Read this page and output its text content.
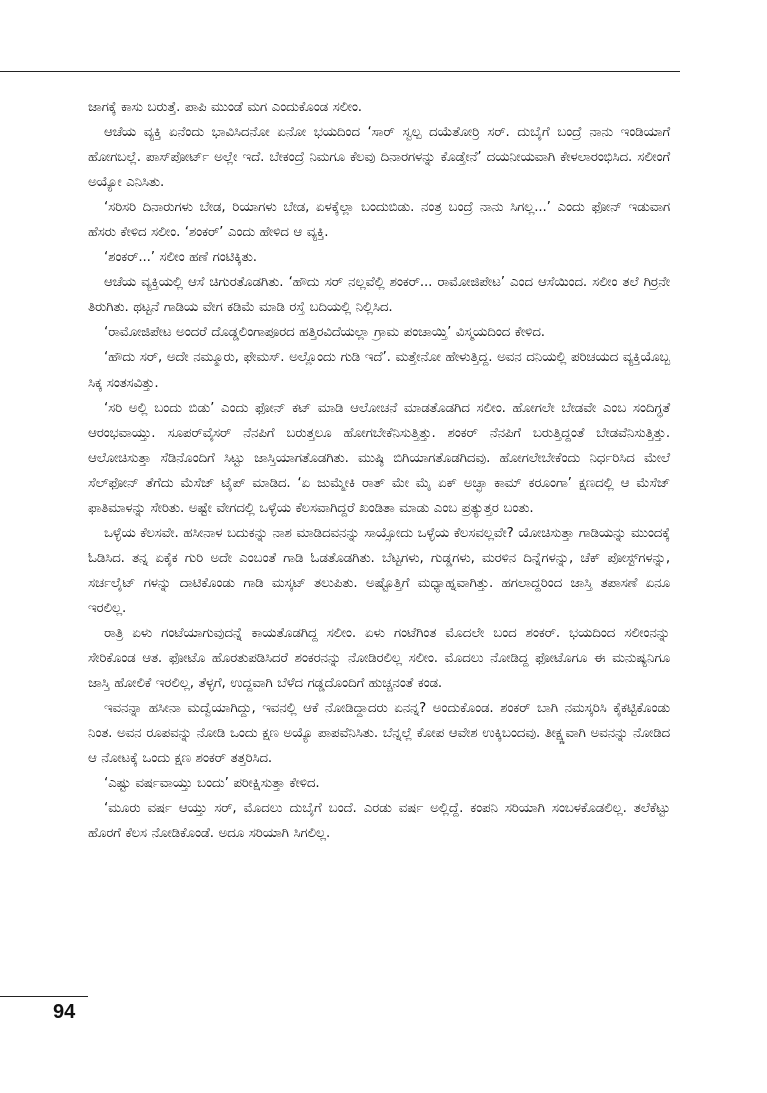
ಜಾಗಕ್ಕೆ ಕಾಸು ಬರುತ್ತೆ. ಪಾಪಿ ಮುಂಡೆ ಮಗ ಎಂದುಕೊಂಡ ಸಲೀಂ.

ಆಚೆಯ ವ್ಯಕ್ತಿ ಏನೆಂದು ಭಾವಿಸಿದನೋ ಏನೋ ಭಯದಿಂದ ‘ಸಾರ್ ಸ್ವಲ್ಪ ದಯೆತೋರ್ರಿ ಸರ್. ದುಬೈಗೆ ಬಂದ್ರೆ ನಾನು ಇಂಡಿಯಾಗೆ ಹೋಗಬಲ್ಲೆ. ಪಾಸ್‌ಪೋರ್ಟ್ ಅಲ್ಲೇ ಇದೆ. ಬೇಕಂದ್ರೆ ನಿಮಗೂ ಕೆಲವು ದಿನಾರಗಳನ್ನು ಕೊಡ್ತೇನೆ’ ದಯನೀಯವಾಗಿ ಕೇಳಲಾರಂಭಿಸಿದ. ಸಲೀಂಗೆ ಅಯ್ಯೋ ಎನಿಸಿತು.

‘ಸರಿಸರಿ ದಿನಾರುಗಳು ಬೇಡ, ರಿಯಾಗಳು ಬೇಡ, ಏಳಕ್ಕೆಲ್ಲಾ ಬಂದುಬಿಡು. ನಂತ್ರ ಬಂದ್ರೆ ನಾನು ಸಿಗಲ್ಲ...’ ಎಂದು ಫೋನ್ ಇಡುವಾಗ ಹೆಸರು ಕೇಳಿದ ಸಲೀಂ. ‘ಶಂಕರ್’ ಎಂದು ಹೇಳಿದ ಆ ವ್ಯಕ್ತಿ.

‘ಶಂಕರ್...’ ಸಲೀಂ ಹಣೆ ಗಂಟಿಕ್ಕಿತು.

ಆಚೆಯ ವ್ಯಕ್ತಿಯಲ್ಲಿ ಆಸೆ ಚಿಗುರತೊಡಗಿತು. ‘ಹೌದು ಸರ್ ನಲ್ಲವೆಲ್ಲಿ ಶಂಕರ್... ರಾಮೋಜಿಪೇಟ’ ಎಂದ ಆಸೆಯಿಂದ. ಸಲೀಂ ತಲೆ ಗಿರ್ರನೇ ತಿರುಗಿತು. ಥಟ್ಟನೆ ಗಾಡಿಯ ವೇಗ ಕಡಿಮೆ ಮಾಡಿ ರಸ್ತೆ ಬದಿಯಲ್ಲಿ ನಿಲ್ಲಿಸಿದ.

‘ರಾಮೋಜಿಪೇಟ ಅಂದರೆ ದೊಡ್ಡಲಿಂಗಾಪೂರದ ಹತ್ತಿರವಿದೆಯಲ್ಲಾ ಗ್ರಾಮ ಪಂಚಾಯ್ತಿ’ ವಿಸ್ಮಯದಿಂದ ಕೇಳಿದ.

‘ಹೌದು ಸರ್, ಅದೇ ನಮ್ಮೂರು, ಫೇಮಸ್. ಅಲ್ಲೊಂದು ಗುಡಿ ಇದೆ’. ಮತ್ತೇನೋ ಹೇಳುತ್ತಿದ್ದ. ಅವನ ದನಿಯಲ್ಲಿ ಪರಿಚಯದ ವ್ಯಕ್ತಿಯೊಬ್ಬ ಸಿಕ್ಕ ಸಂತಸವಿತ್ತು.

‘ಸರಿ ಅಲ್ಲಿ ಬಂದು ಬಿಡು’ ಎಂದು ಫೋನ್ ಕಟ್ ಮಾಡಿ ಆಲೋಚನೆ ಮಾಡತೊಡಗಿದ ಸಲೀಂ. ಹೋಗಲೇ ಬೇಡವೇ ಎಂಬ ಸಂದಿಗ್ಧತೆ ಆರಂಭವಾಯ್ತು. ಸೂಪರ್‌ವೈಸರ್ ನೆನಪಿಗೆ ಬರುತ್ತಲೂ ಹೋಗಬೇಕೆನಿಸುತ್ತಿತ್ತು. ಶಂಕರ್ ನೆನಪಿಗೆ ಬರುತ್ತಿದ್ದಂತೆ ಬೇಡವೆನಿಸುತ್ತಿತ್ತು. ಆಲೋಚಿಸುತ್ತಾ ಸೆಡಿನೊಂದಿಗೆ ಸಿಟ್ಟು ಜಾಸ್ತಿಯಾಗತೊಡಗಿತು. ಮುಷ್ಠಿ ಬಿಗಿಯಾಗತೊಡಗಿದವು. ಹೋಗಲೇಬೇಕೆಂದು ನಿರ್ಧರಿಸಿದ ಮೇಲೆ ಸೆಲ್‌ಫೋನ್ ತೆಗೆದು ಮೆಸೆಜ್ ಟೈಪ್ ಮಾಡಿದ. ‘ಏ ಜುಮ್ಮೇಕಿ ರಾತ್ ಮೇ ಮೈ ಏಕ್ ಅಚ್ಛಾ ಕಾಮ್ ಕರೂಂಗಾ’ ಕ್ಷಣದಲ್ಲಿ ಆ ಮೆಸೆಜ್ ಫಾತಿಮಾಳನ್ನು ಸೇರಿತು. ಅಷ್ಟೇ ವೇಗದಲ್ಲಿ ಒಳ್ಳೆಯ ಕೆಲಸವಾಗಿದ್ದರೆ ಖಂಡಿತಾ ಮಾಡು ಎಂಬ ಪ್ರತ್ಯುತ್ತರ ಬಂತು.

ಒಳ್ಳೆಯ ಕೆಲಸವೇ. ಹಸೀನಾಳ ಬದುಕನ್ನು ನಾಶ ಮಾಡಿದವನನ್ನು ಸಾಯ್ಸೋದು ಒಳ್ಳೆಯ ಕೆಲಸವಲ್ಲವೇ? ಯೋಚಿಸುತ್ತಾ ಗಾಡಿಯನ್ನು ಮುಂದಕ್ಕೆ ಓಡಿಸಿದ. ತನ್ನ ಏಕೈಕ ಗುರಿ ಅದೇ ಎಂಬಂತೆ ಗಾಡಿ ಓಡತೊಡಗಿತು. ಬೆಟ್ಟಗಳು, ಗುಡ್ಡಗಳು, ಮರಳಿನ ದಿನ್ನೆಗಳನ್ನು, ಚೆಕ್ ಪೋಸ್ಟ್‌ಗಳನ್ನು, ಸರ್ಚಲೈಟ್ ಗಳನ್ನು ದಾಟಿಕೊಂಡು ಗಾಡಿ ಮಸ್ಕಟ್ ತಲುಪಿತು. ಅಷ್ಟೊತ್ತಿಗೆ ಮಧ್ಯಾಹ್ನವಾಗಿತ್ತು. ಹಗಲಾದ್ದರಿಂದ ಜಾಸ್ತಿ ತಪಾಸಣೆ ಏನೂ ಇರಲಿಲ್ಲ.

ರಾತ್ರಿ ಏಳು ಗಂಟೆಯಾಗುವುದನ್ನೆ ಕಾಯತೊಡಗಿದ್ದ ಸಲೀಂ. ಏಳು ಗಂಟೆಗಿಂತ ಮೊದಲೇ ಬಂದ ಶಂಕರ್. ಭಯದಿಂದ ಸಲೀಂನನ್ನು ಸೇರಿಕೊಂಡ ಆತ. ಫೋಟೊ ಹೊರತುಪಡಿಸಿದರೆ ಶಂಕರನನ್ನು ನೋಡಿರಲಿಲ್ಲ ಸಲೀಂ. ಮೊದಲು ನೋಡಿದ್ದ ಫೋಟೊಗೂ ಈ ಮನುಷ್ಯನಿಗೂ ಜಾಸ್ತಿ ಹೋಲಿಕೆ ಇರಲಿಲ್ಲ, ತೆಳ್ಳಗೆ, ಉದ್ದವಾಗಿ ಬೆಳೆದ ಗಡ್ಡದೊಂದಿಗೆ ಹುಚ್ಚನಂತೆ ಕಂಡ.

ಇವನನ್ನಾ ಹಸೀನಾ ಮದ್ವೆಯಾಗಿದ್ದು, ಇವನಲ್ಲಿ ಆಕೆ ನೋಡಿದ್ದಾದರು ಏನನ್ನ? ಅಂದುಕೊಂಡ. ಶಂಕರ್ ಬಾಗಿ ನಮಸ್ಕರಿಸಿ ಕೈಕಟ್ಟಿಕೊಂಡು ನಿಂತ. ಅವನ ರೂಪವನ್ನು ನೋಡಿ ಒಂದು ಕ್ಷಣ ಅಯ್ಯೊ ಪಾಪವೆನಿಸಿತು. ಬೆನ್ನಲ್ಲೆ ಕೋಪ ಆವೇಶ ಉಕ್ಕಿಬಂದವು. ತೀಕ್ಷ್ಣವಾಗಿ ಅವನನ್ನು ನೋಡಿದ ಆ ನೋಟಕ್ಕೆ ಒಂದು ಕ್ಷಣ ಶಂಕರ್ ತತ್ತರಿಸಿದ.

‘ಎಷ್ಟು ವರ್ಷವಾಯ್ತು ಬಂದು’ ಪರೀಕ್ಷಿಸುತ್ತಾ ಕೇಳಿದ.

‘ಮೂರು ವರ್ಷ ಆಯ್ತು ಸರ್, ಮೊದಲು ದುಬೈಗೆ ಬಂದೆ. ಎರಡು ವರ್ಷ ಅಲ್ಲಿದ್ದೆ. ಕಂಪನಿ ಸರಿಯಾಗಿ ಸಂಬಳಕೊಡಲಿಲ್ಲ. ತಲೆಕೆಟ್ಟು ಹೊರಗೆ ಕೆಲಸ ನೋಡಿಕೊಂಡೆ. ಅದೂ ಸರಿಯಾಗಿ ಸಿಗಲಿಲ್ಲ.

94
